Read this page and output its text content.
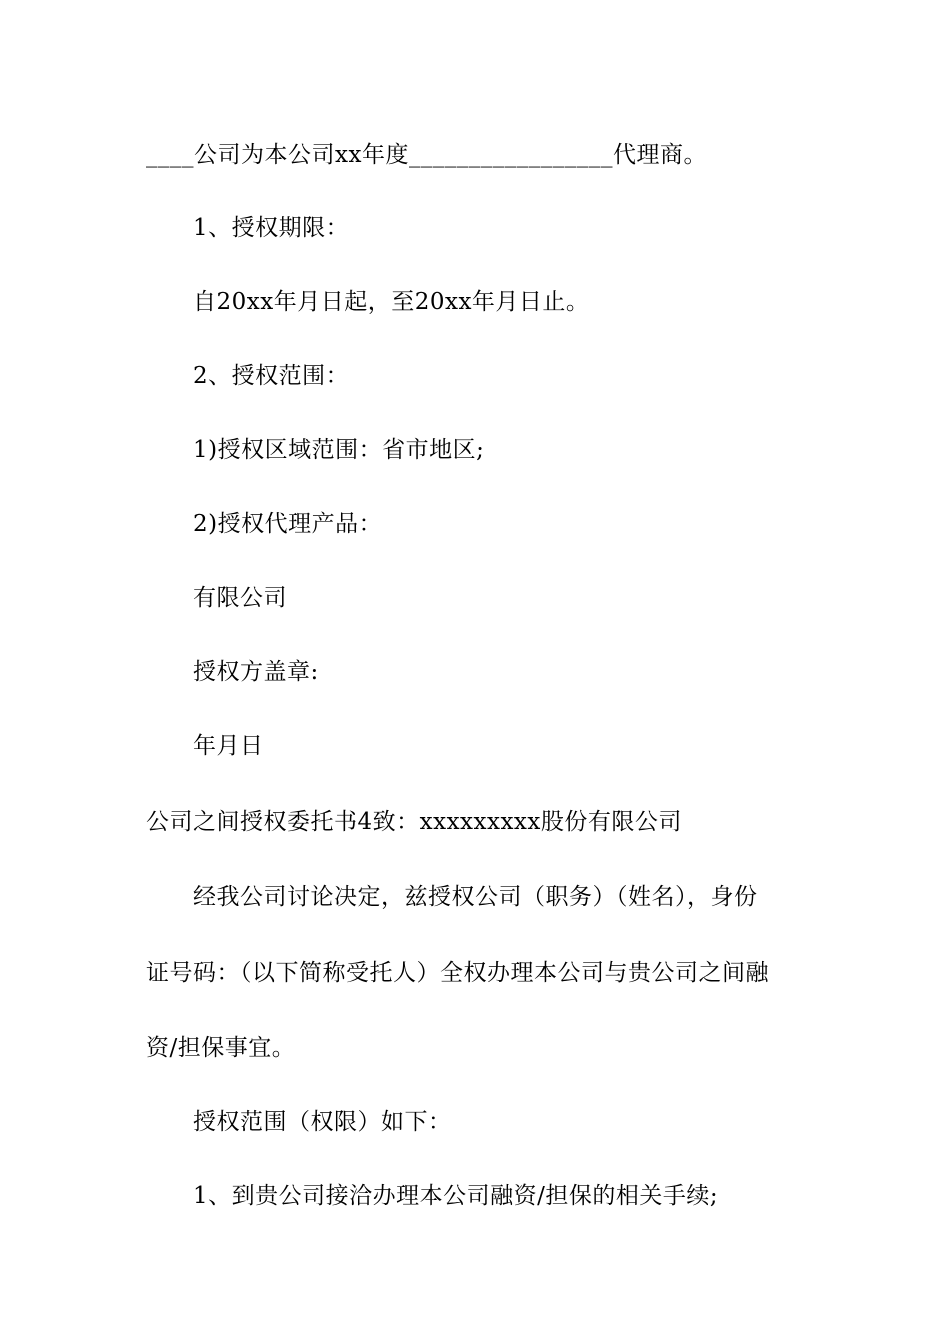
____公司为本公司xx年度_________________代理商。
1、授权期限：
自20xx年月日起，至20xx年月日止。
2、授权范围：
1)授权区域范围：省市地区;
2)授权代理产品：
有限公司
授权方盖章:
年月日
公司之间授权委托书4致：xxxxxxxxx股份有限公司
经我公司讨论决定，兹授权公司（职务）（姓名），身份
证号码：（以下简称受托人）全权办理本公司与贵公司之间融
资/担保事宜。
授权范围（权限）如下：
1、到贵公司接洽办理本公司融资/担保的相关手续;
